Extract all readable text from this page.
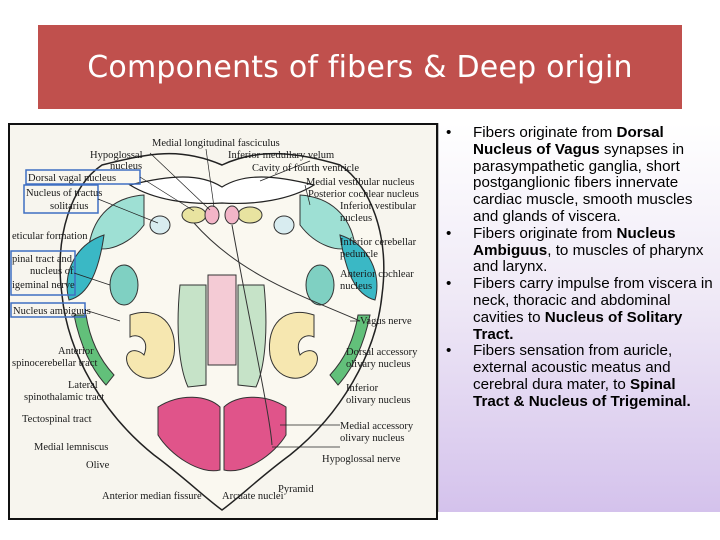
Components of fibers & Deep origin
Medial longitudinal fasciculus
Hypoglossal
nucleus
Inferior medullary velum
Dorsal vagal nucleus
Cavity of fourth ventricle
Nucleus of tractus
solitarius
Medial vestibular nucleus
Posterior cochlear nucleus
Inferior vestibular
nucleus
eticular formation
Inferior cerebellar
peduncle
pinal tract and
nucleus of
igeminal nerve
Anterior cochlear
nucleus
Nucleus ambiguus
Vagus nerve
Anterior
spinocerebellar tract
Dorsal accessory
olivary nucleus
Lateral
spinothalamic tract
Inferior
olivary nucleus
Tectospinal tract
Medial lemniscus
Medial accessory
olivary nucleus
Olive
Hypoglossal nerve
Pyramid
Anterior median fissure Arcuate nuclei
• Fibers originate from Dorsal Nucleus of Vagus synapses in parasympathetic ganglia, short postganglionic fibers innervate cardiac muscle, smooth muscles and glands of viscera.
• Fibers originate from Nucleus Ambiguus, to muscles of pharynx and larynx.
• Fibers carry impulse from viscera in neck, thoracic and abdominal cavities to Nucleus of Solitary Tract.
• Fibers sensation from auricle, external acoustic meatus and cerebral dura mater, to Spinal Tract & Nucleus of Trigeminal.
